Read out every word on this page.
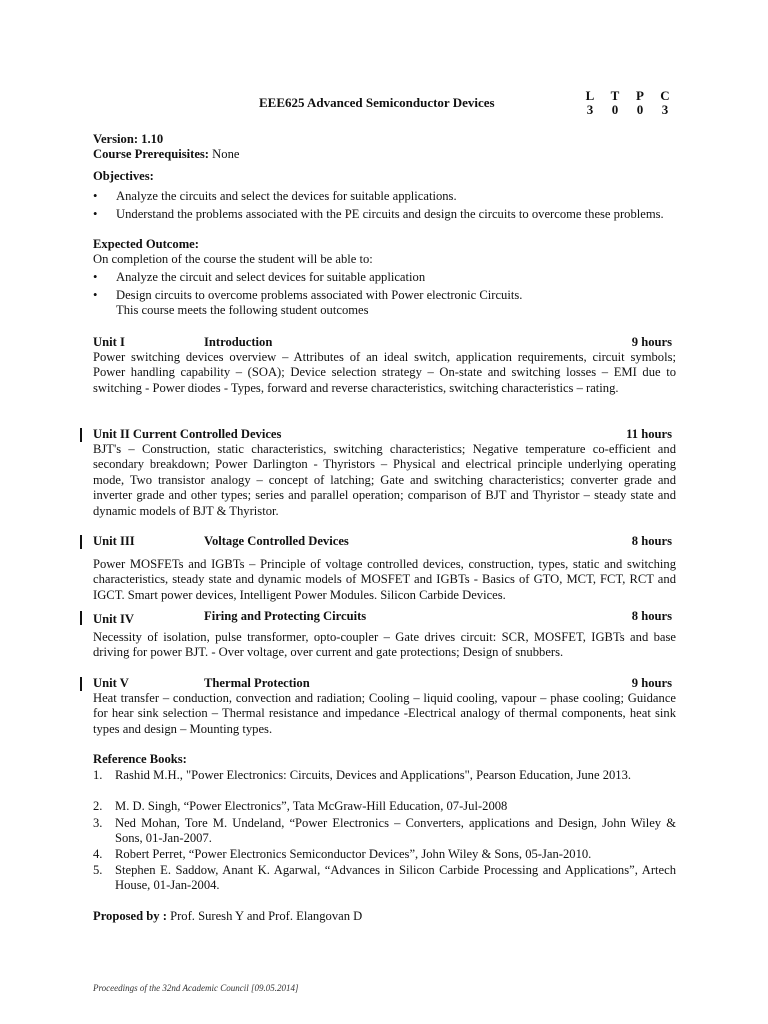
EEE625 Advanced Semiconductor Devices	L T P C
3 0 0 3
Version: 1.10
Course Prerequisites: None
Objectives:
• Analyze the circuits and select the devices for suitable applications.
• Understand the problems associated with the PE circuits and design the circuits to overcome these problems.
Expected Outcome:
On completion of the course the student will be able to:
• Analyze the circuit and select devices for suitable application
• Design circuits to overcome problems associated with Power electronic Circuits.
This course meets the following student outcomes
Unit I	Introduction	9 hours
Power switching devices overview – Attributes of an ideal switch, application requirements, circuit symbols; Power handling capability – (SOA); Device selection strategy – On-state and switching losses – EMI due to switching - Power diodes - Types, forward and reverse characteristics, switching characteristics – rating.
Unit II Current Controlled Devices	11 hours
BJT's – Construction, static characteristics, switching characteristics; Negative temperature co-efficient and secondary breakdown; Power Darlington - Thyristors – Physical and electrical principle underlying operating mode, Two transistor analogy – concept of latching; Gate and switching characteristics; converter grade and inverter grade and other types; series and parallel operation; comparison of BJT and Thyristor – steady state and dynamic models of BJT & Thyristor.
Unit III	Voltage Controlled Devices	8 hours
Power MOSFETs and IGBTs – Principle of voltage controlled devices, construction, types, static and switching characteristics, steady state and dynamic models of MOSFET and IGBTs - Basics of GTO, MCT, FCT, RCT and IGCT. Smart power devices, Intelligent Power Modules. Silicon Carbide Devices.
Unit IV	Firing and Protecting Circuits	8 hours
Necessity of isolation, pulse transformer, opto-coupler – Gate drives circuit: SCR, MOSFET, IGBTs and base driving for power BJT. - Over voltage, over current and gate protections; Design of snubbers.
Unit V	Thermal Protection	9 hours
Heat transfer – conduction, convection and radiation; Cooling – liquid cooling, vapour – phase cooling; Guidance for hear sink selection – Thermal resistance and impedance -Electrical analogy of thermal components, heat sink types and design – Mounting types.
Reference Books:
1. Rashid M.H., "Power Electronics: Circuits, Devices and Applications", Pearson Education, June 2013.
2. M. D. Singh, “Power Electronics”, Tata McGraw-Hill Education, 07-Jul-2008
3. Ned Mohan, Tore M. Undeland, “Power Electronics – Converters, applications and Design, John Wiley & Sons, 01-Jan-2007.
4. Robert Perret, “Power Electronics Semiconductor Devices”, John Wiley & Sons, 05-Jan-2010.
5. Stephen E. Saddow, Anant K. Agarwal, “Advances in Silicon Carbide Processing and Applications”, Artech House, 01-Jan-2004.
Proposed by : Prof. Suresh Y and Prof. Elangovan D
Proceedings of the 32nd Academic Council [09.05.2014]
